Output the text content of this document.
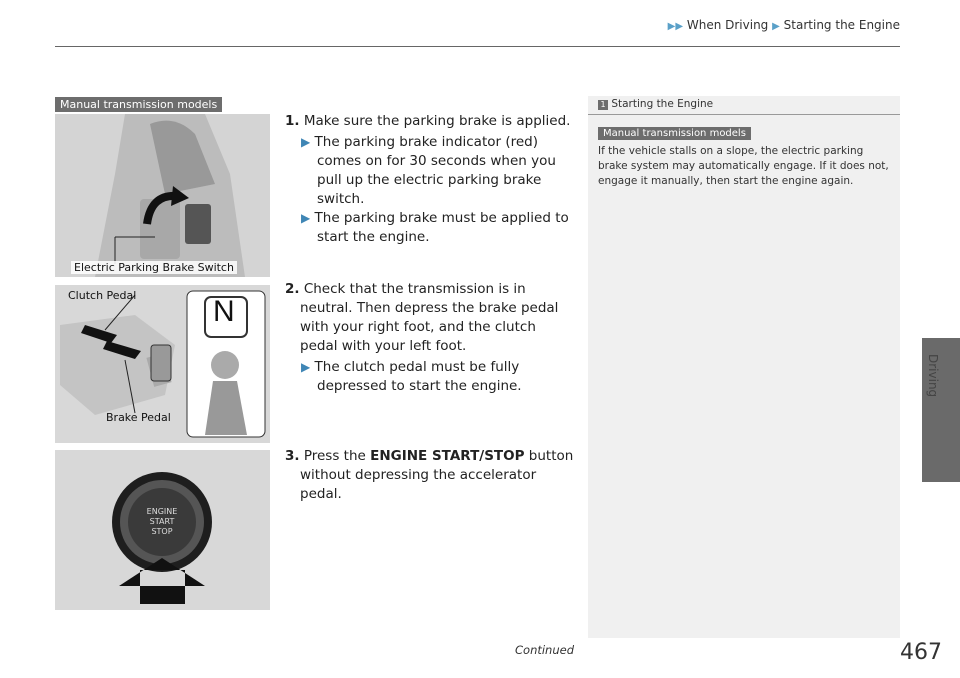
▶▶ When Driving ▶ Starting the Engine
Driving
Manual transmission models
Electric Parking Brake Switch
Clutch Pedal
Brake Pedal
N
ENGINE
START
STOP
1. Make sure the parking brake is applied.
▶ The parking brake indicator (red) comes on for 30 seconds when you pull up the electric parking brake switch.
▶ The parking brake must be applied to start the engine.
2. Check that the transmission is in neutral. Then depress the brake pedal with your right foot, and the clutch pedal with your left foot.
▶ The clutch pedal must be fully depressed to start the engine.
3. Press the ENGINE START/STOP button without depressing the accelerator pedal.
1 Starting the Engine
Manual transmission models
If the vehicle stalls on a slope, the electric parking brake system may automatically engage. If it does not, engage it manually, then start the engine again.
Continued	467
